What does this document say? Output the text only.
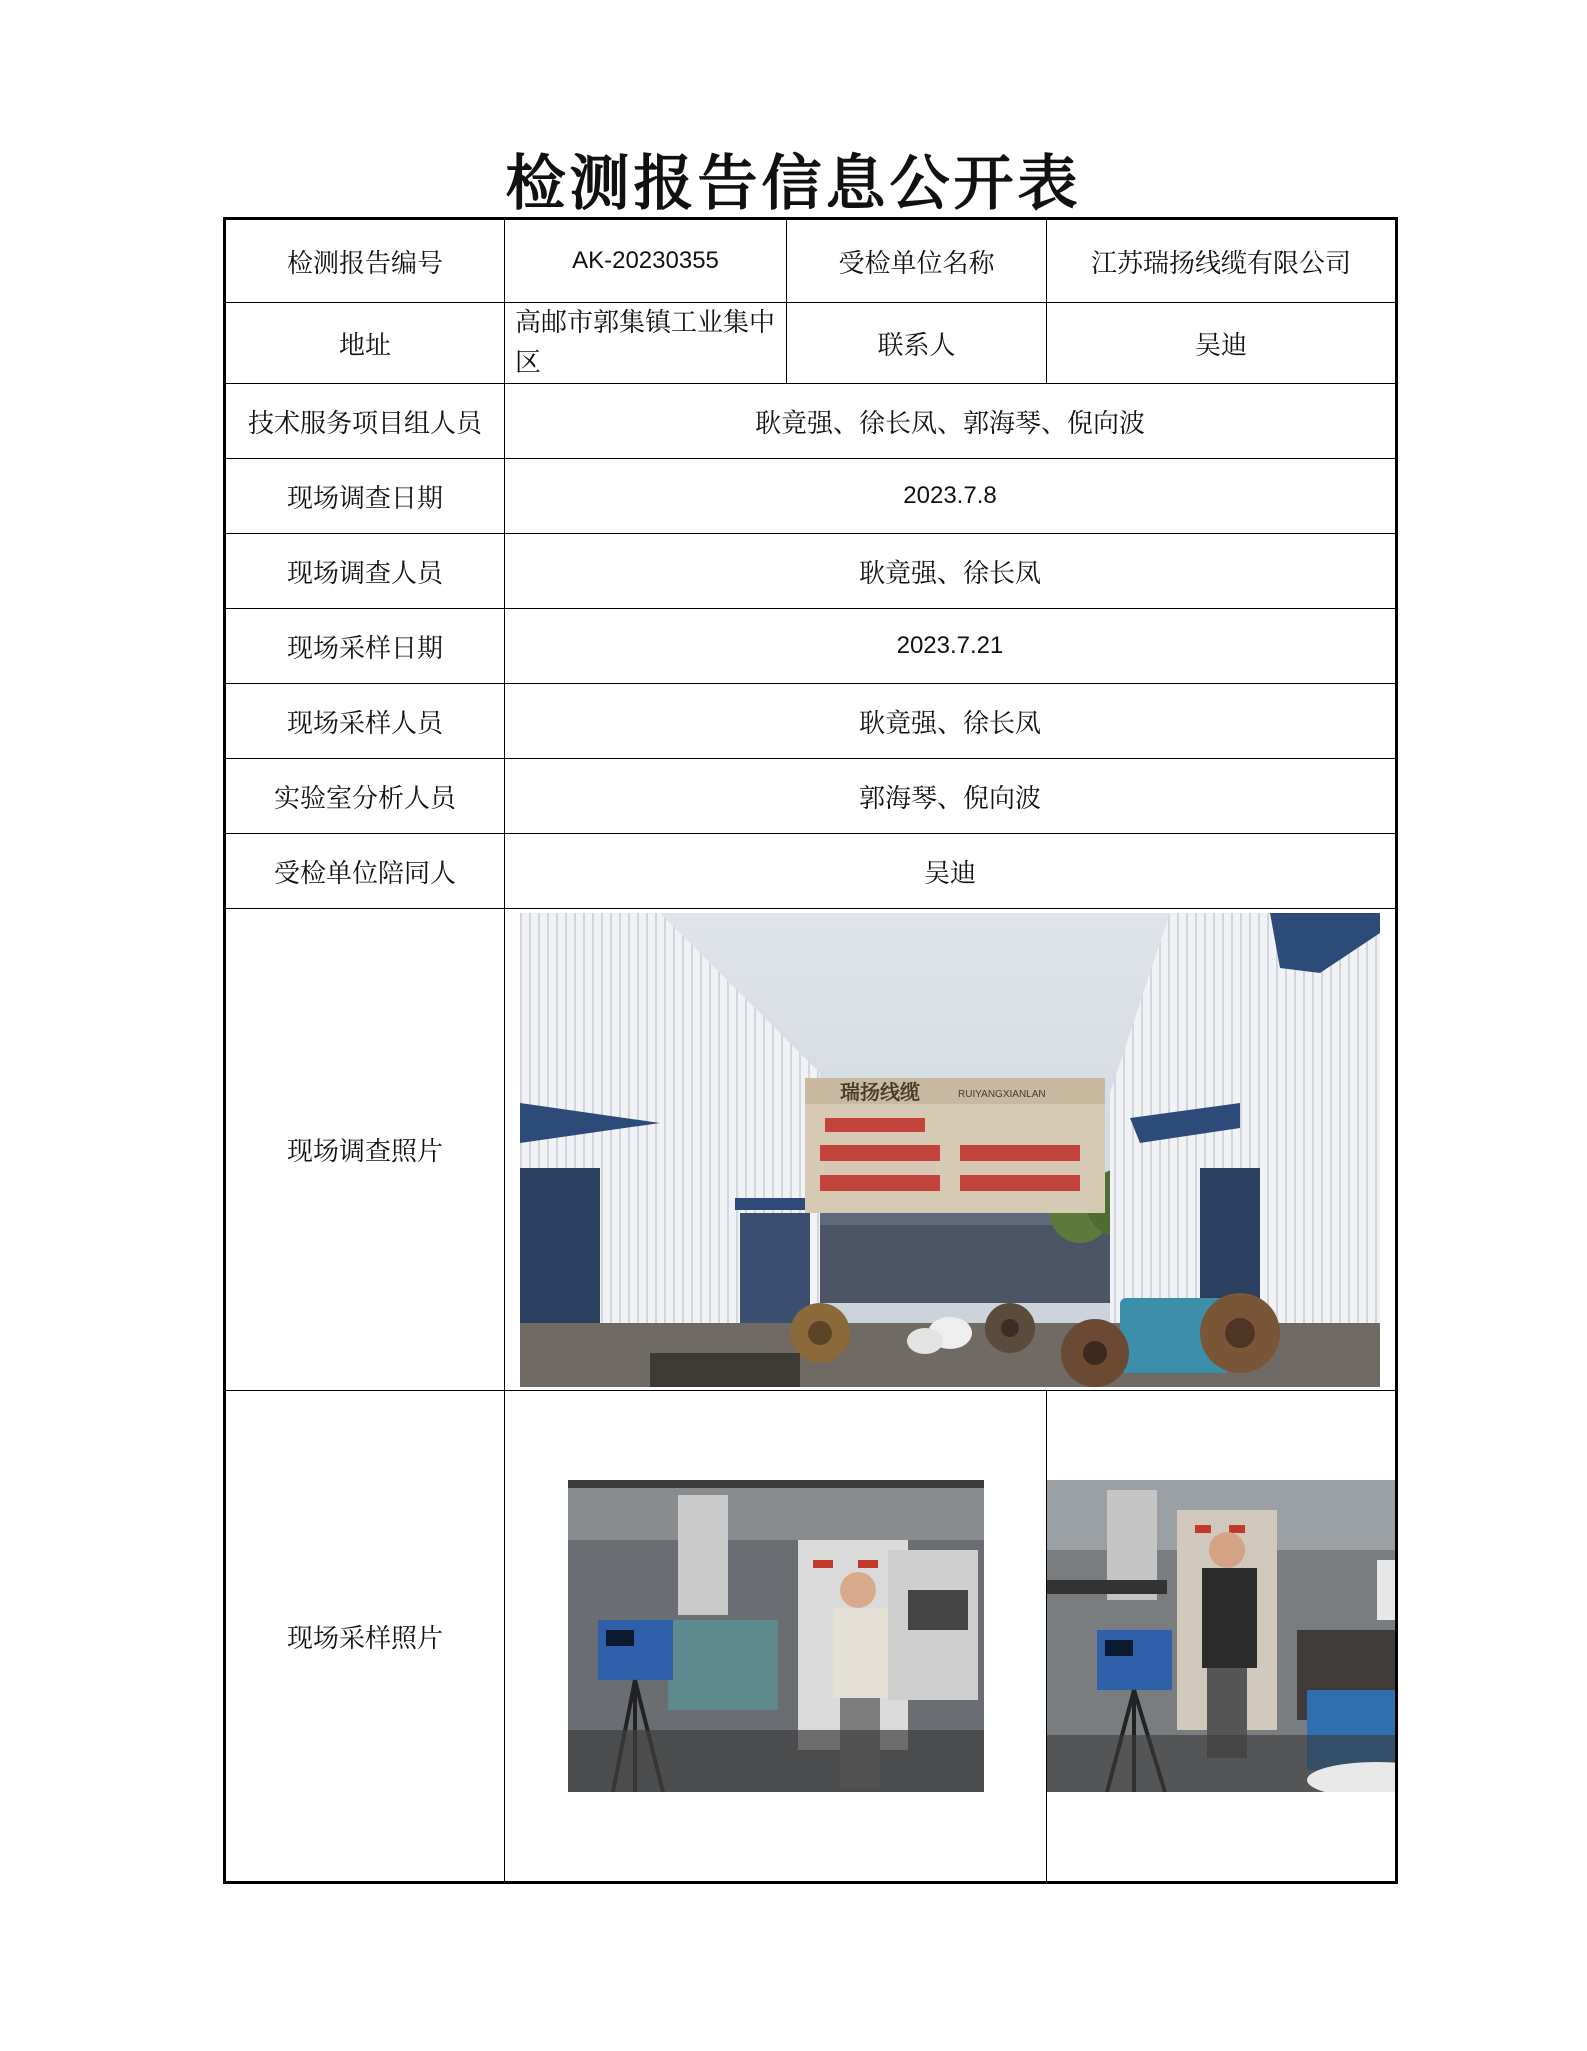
检测报告信息公开表
检测报告编号	AK-20230355	受检单位名称	江苏瑞扬线缆有限公司
地址	高邮市郭集镇工业集中区	联系人	吴迪
技术服务项目组人员	耿竟强、徐长凤、郭海琴、倪向波		
现场调查日期	2023.7.8		
现场调查人员	耿竟强、徐长凤		
现场采样日期	2023.7.21		
现场采样人员	耿竟强、徐长凤		
实验室分析人员	郭海琴、倪向波		
受检单位陪同人	吴迪		
现场调查照片	瑞扬线缆 RUIYANGXIANLAN		

现场采样照片	
